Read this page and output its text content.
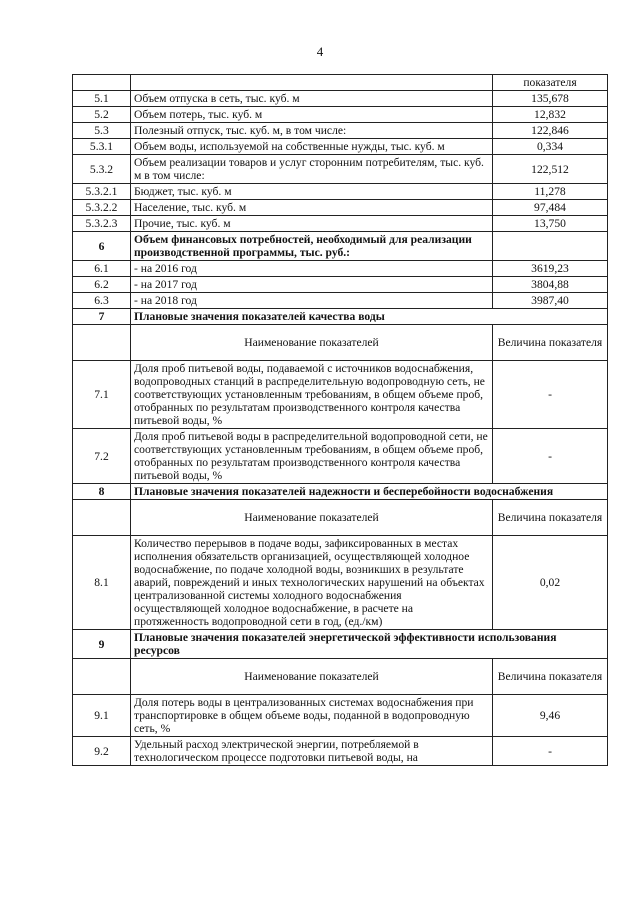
4
		показателя
5.1	Объем отпуска в сеть, тыс. куб. м	135,678
5.2	Объем потерь, тыс. куб. м	12,832
5.3	Полезный отпуск, тыс. куб. м, в том числе:	122,846
5.3.1	Объем воды, используемой на собственные нужды, тыс. куб. м	0,334
5.3.2	Объем реализации товаров и услуг сторонним потребителям, тыс. куб. м в том числе:	122,512
5.3.2.1	Бюджет, тыс. куб. м	11,278
5.3.2.2	Население, тыс. куб. м	97,484
5.3.2.3	Прочие, тыс. куб. м	13,750
6	Объем финансовых потребностей, необходимый для реализации производственной программы, тыс. руб.:	
6.1	- на 2016 год	3619,23
6.2	- на 2017 год	3804,88
6.3	- на 2018 год	3987,40
7	Плановые значения показателей качества воды	
	Наименование показателей	Величина показателя
7.1	Доля проб питьевой воды, подаваемой с источников водоснабжения, водопроводных станций в распределительную водопроводную сеть, не соответствующих установленным требованиям, в общем объеме проб, отобранных по результатам производственного контроля качества питьевой воды, %	-
7.2	Доля проб питьевой воды в распределительной водопроводной сети, не соответствующих установленным требованиям, в общем объеме проб, отобранных по результатам производственного контроля качества питьевой воды, %	-
8	Плановые значения показателей надежности и бесперебойности водоснабжения	
	Наименование показателей	Величина показателя
8.1	Количество перерывов в подаче воды, зафиксированных в местах исполнения обязательств организацией, осуществляющей холодное водоснабжение, по подаче холодной воды, возникших в результате аварий, повреждений и иных технологических нарушений на объектах централизованной системы холодного водоснабжения осуществляющей холодное водоснабжение, в расчете на протяженность водопроводной сети в год, (ед./км)	0,02
9	Плановые значения показателей энергетической эффективности использования ресурсов	
	Наименование показателей	Величина показателя
9.1	Доля потерь воды в централизованных системах водоснабжения при транспортировке в общем объеме воды, поданной в водопроводную сеть, %	9,46
9.2	Удельный расход электрической энергии, потребляемой в технологическом процессе подготовки питьевой воды, на	-
